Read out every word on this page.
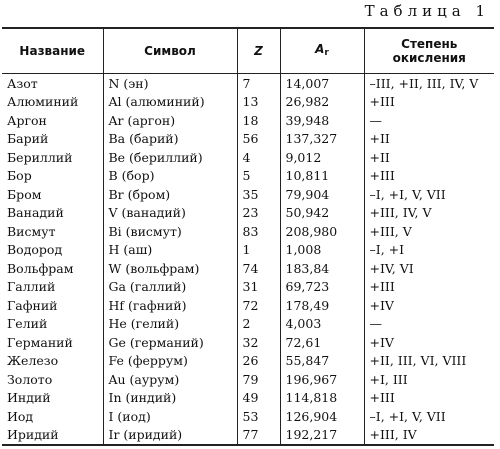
Таблица 1
Название	Символ	Z	Ar	Степень
окисления
Азот	N (эн)	7	14,007	–III, +II, III, IV, V
Алюминий	Al (алюминий)	13	26,982	+III
Аргон	Ar (аргон)	18	39,948	—
Барий	Ba (барий)	56	137,327	+II
Бериллий	Be (бериллий)	4	9,012	+II
Бор	B (бор)	5	10,811	+III
Бром	Br (бром)	35	79,904	–I, +I, V, VII
Ванадий	V (ванадий)	23	50,942	+III, IV, V
Висмут	Bi (висмут)	83	208,980	+III, V
Водород	H (аш)	1	1,008	–I, +I
Вольфрам	W (вольфрам)	74	183,84	+IV, VI
Галлий	Ga (галлий)	31	69,723	+III
Гафний	Hf (гафний)	72	178,49	+IV
Гелий	He (гелий)	2	4,003	—
Германий	Ge (германий)	32	72,61	+IV
Железо	Fe (феррум)	26	55,847	+II, III, VI, VIII
Золото	Au (аурум)	79	196,967	+I, III
Индий	In (индий)	49	114,818	+III
Иод	I (иод)	53	126,904	–I, +I, V, VII
Иридий	Ir (иридий)	77	192,217	+III, IV
